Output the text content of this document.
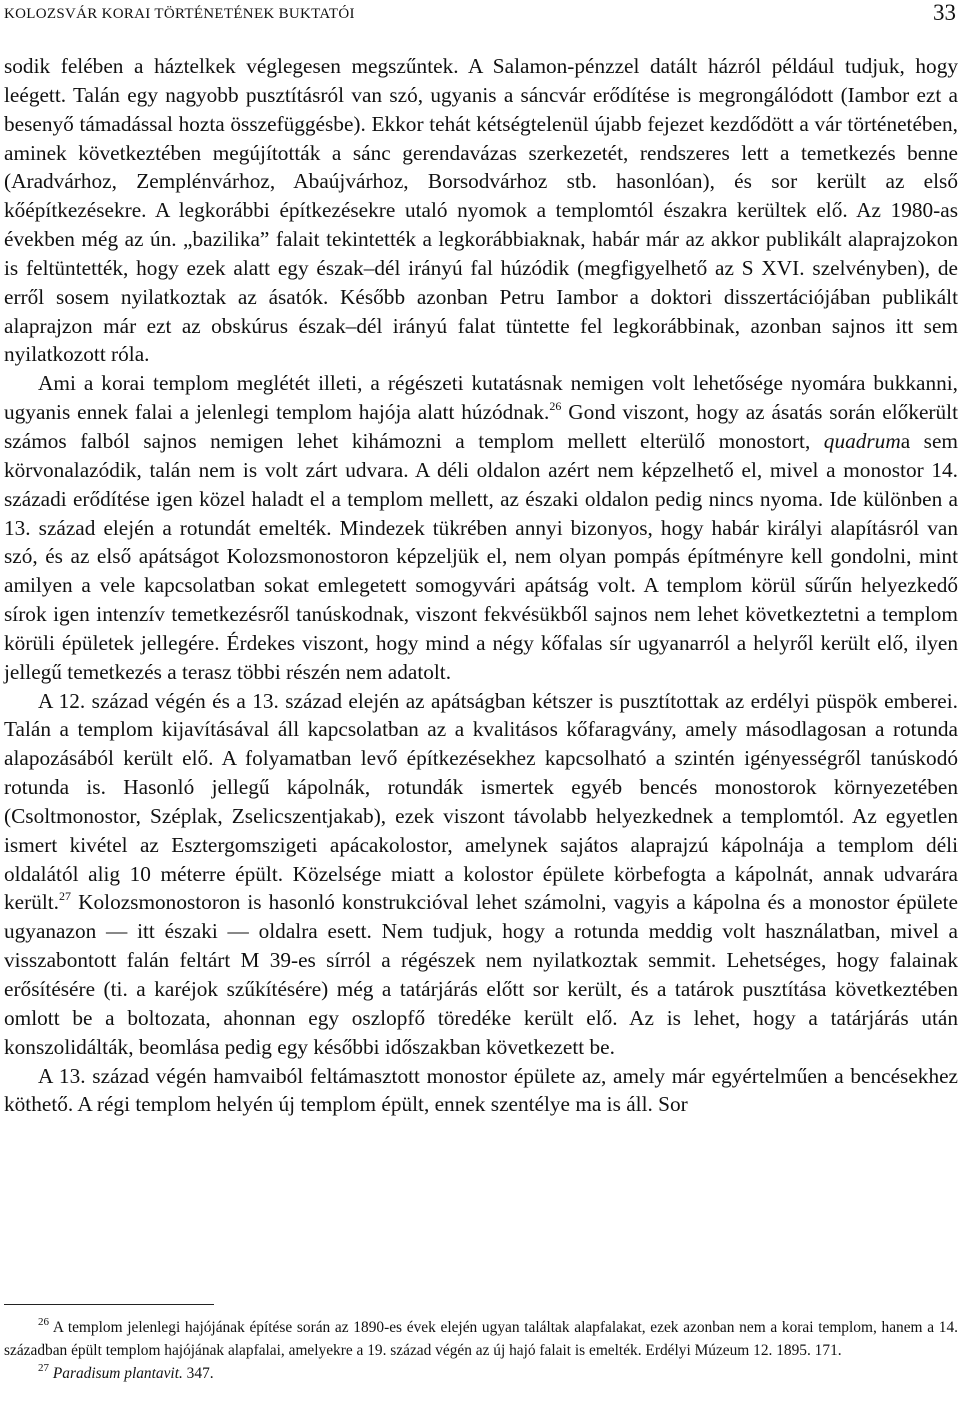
KOLOZSVÁR KORAI TÖRTÉNETÉNEK BUKTATÓI	33

sodik felében a háztelkek véglegesen megszűntek. A Salamon-pénzzel datált házról például tudjuk, hogy leégett. Talán egy nagyobb pusztításról van szó, ugyanis a sáncvár erődítése is megrongálódott (Iambor ezt a besenyő támadással hozta összefüggésbe). Ekkor tehát kétségtelenül újabb fejezet kezdődött a vár történetében, aminek következtében megújították a sánc gerendavázas szerkezetét, rendszeres lett a temetkezés benne (Aradvárhoz, Zemplénvárhoz, Abaújvárhoz, Borsodvárhoz stb. hasonlóan), és sor került az első kőépítkezésekre. A legkorábbi építkezésekre utaló nyomok a templomtól északra kerültek elő. Az 1980-as években még az ún. „bazilika” falait tekintették a legkorábbiaknak, habár már az akkor publikált alaprajzokon is feltüntették, hogy ezek alatt egy észak–dél irányú fal húzódik (megfigyelhető az S XVI. szelvényben), de erről sosem nyilatkoztak az ásatók. Később azonban Petru Iambor a doktori disszertációjában publikált alaprajzon már ezt az obskúrus észak–dél irányú falat tüntette fel legkorábbinak, azonban sajnos itt sem nyilatkozott róla.

Ami a korai templom meglétét illeti, a régészeti kutatásnak nemigen volt lehetősége nyomára bukkanni, ugyanis ennek falai a jelenlegi templom hajója alatt húzódnak.$^{26}$ Gond viszont, hogy az ásatás során előkerült számos falból sajnos nemigen lehet kihámozni a templom mellett elterülő monostort, quadruma sem körvonalazódik, talán nem is volt zárt udvara. A déli oldalon azért nem képzelhető el, mivel a monostor 14. századi erődítése igen közel haladt el a templom mellett, az északi oldalon pedig nincs nyoma. Ide különben a 13. század elején a rotundát emelték. Mindezek tükrében annyi bizonyos, hogy habár királyi alapításról van szó, és az első apátságot Kolozsmonostoron képzeljük el, nem olyan pompás építményre kell gondolni, mint amilyen a vele kapcsolatban sokat emlegetett somogyvári apátság volt. A templom körül sűrűn helyezkedő sírok igen intenzív temetkezésről tanúskodnak, viszont fekvésükből sajnos nem lehet következtetni a templom körüli épületek jellegére. Érdekes viszont, hogy mind a négy kőfalas sír ugyanarról a helyről került elő, ilyen jellegű temetkezés a terasz többi részén nem adatolt.

A 12. század végén és a 13. század elején az apátságban kétszer is pusztítottak az erdélyi püspök emberei. Talán a templom kijavításával áll kapcsolatban az a kvalitásos kőfaragvány, amely másodlagosan a rotunda alapozásából került elő. A folyamatban levő építkezésekhez kapcsolható a szintén igényességről tanúskodó rotunda is. Hasonló jellegű kápolnák, rotundák ismertek egyéb bencés monostorok környezetében (Csoltmonostor, Széplak, Zselicszentjakab), ezek viszont távolabb helyezkednek a templomtól. Az egyetlen ismert kivétel az Esztergomszigeti apácakolostor, amelynek sajátos alaprajzú kápolnája a templom déli oldalától alig 10 méterre épült. Közelsége miatt a kolostor épülete körbefogta a kápolnát, annak udvarára került.$^{27}$ Kolozsmonostoron is hasonló konstrukcióval lehet számolni, vagyis a kápolna és a monostor épülete ugyanazon — itt északi — oldalra esett. Nem tudjuk, hogy a rotunda meddig volt használatban, mivel a visszabontott falán feltárt M 39-es sírról a régészek nem nyilatkoztak semmit. Lehetséges, hogy falainak erősítésére (ti. a karéjok szűkítésére) még a tatárjárás előtt sor került, és a tatárok pusztítása következtében omlott be a boltozata, ahonnan egy oszlopfő töredéke került elő. Az is lehet, hogy a tatárjárás után konszolidálták, beomlása pedig egy későbbi időszakban következett be.

A 13. század végén hamvaiból feltámasztott monostor épülete az, amely már egyértelműen a bencésekhez köthető. A régi templom helyén új templom épült, ennek szentélye ma is áll. Sor

$^{26}$ A templom jelenlegi hajójának építése során az 1890-es évek elején ugyan találtak alapfalakat, ezek azonban nem a korai templom, hanem a 14. században épült templom hajójának alapfalai, amelyekre a 19. század végén az új hajó falait is emelték. Erdélyi Múzeum 12. 1895. 171.

$^{27}$ Paradisum plantavit. 347.
